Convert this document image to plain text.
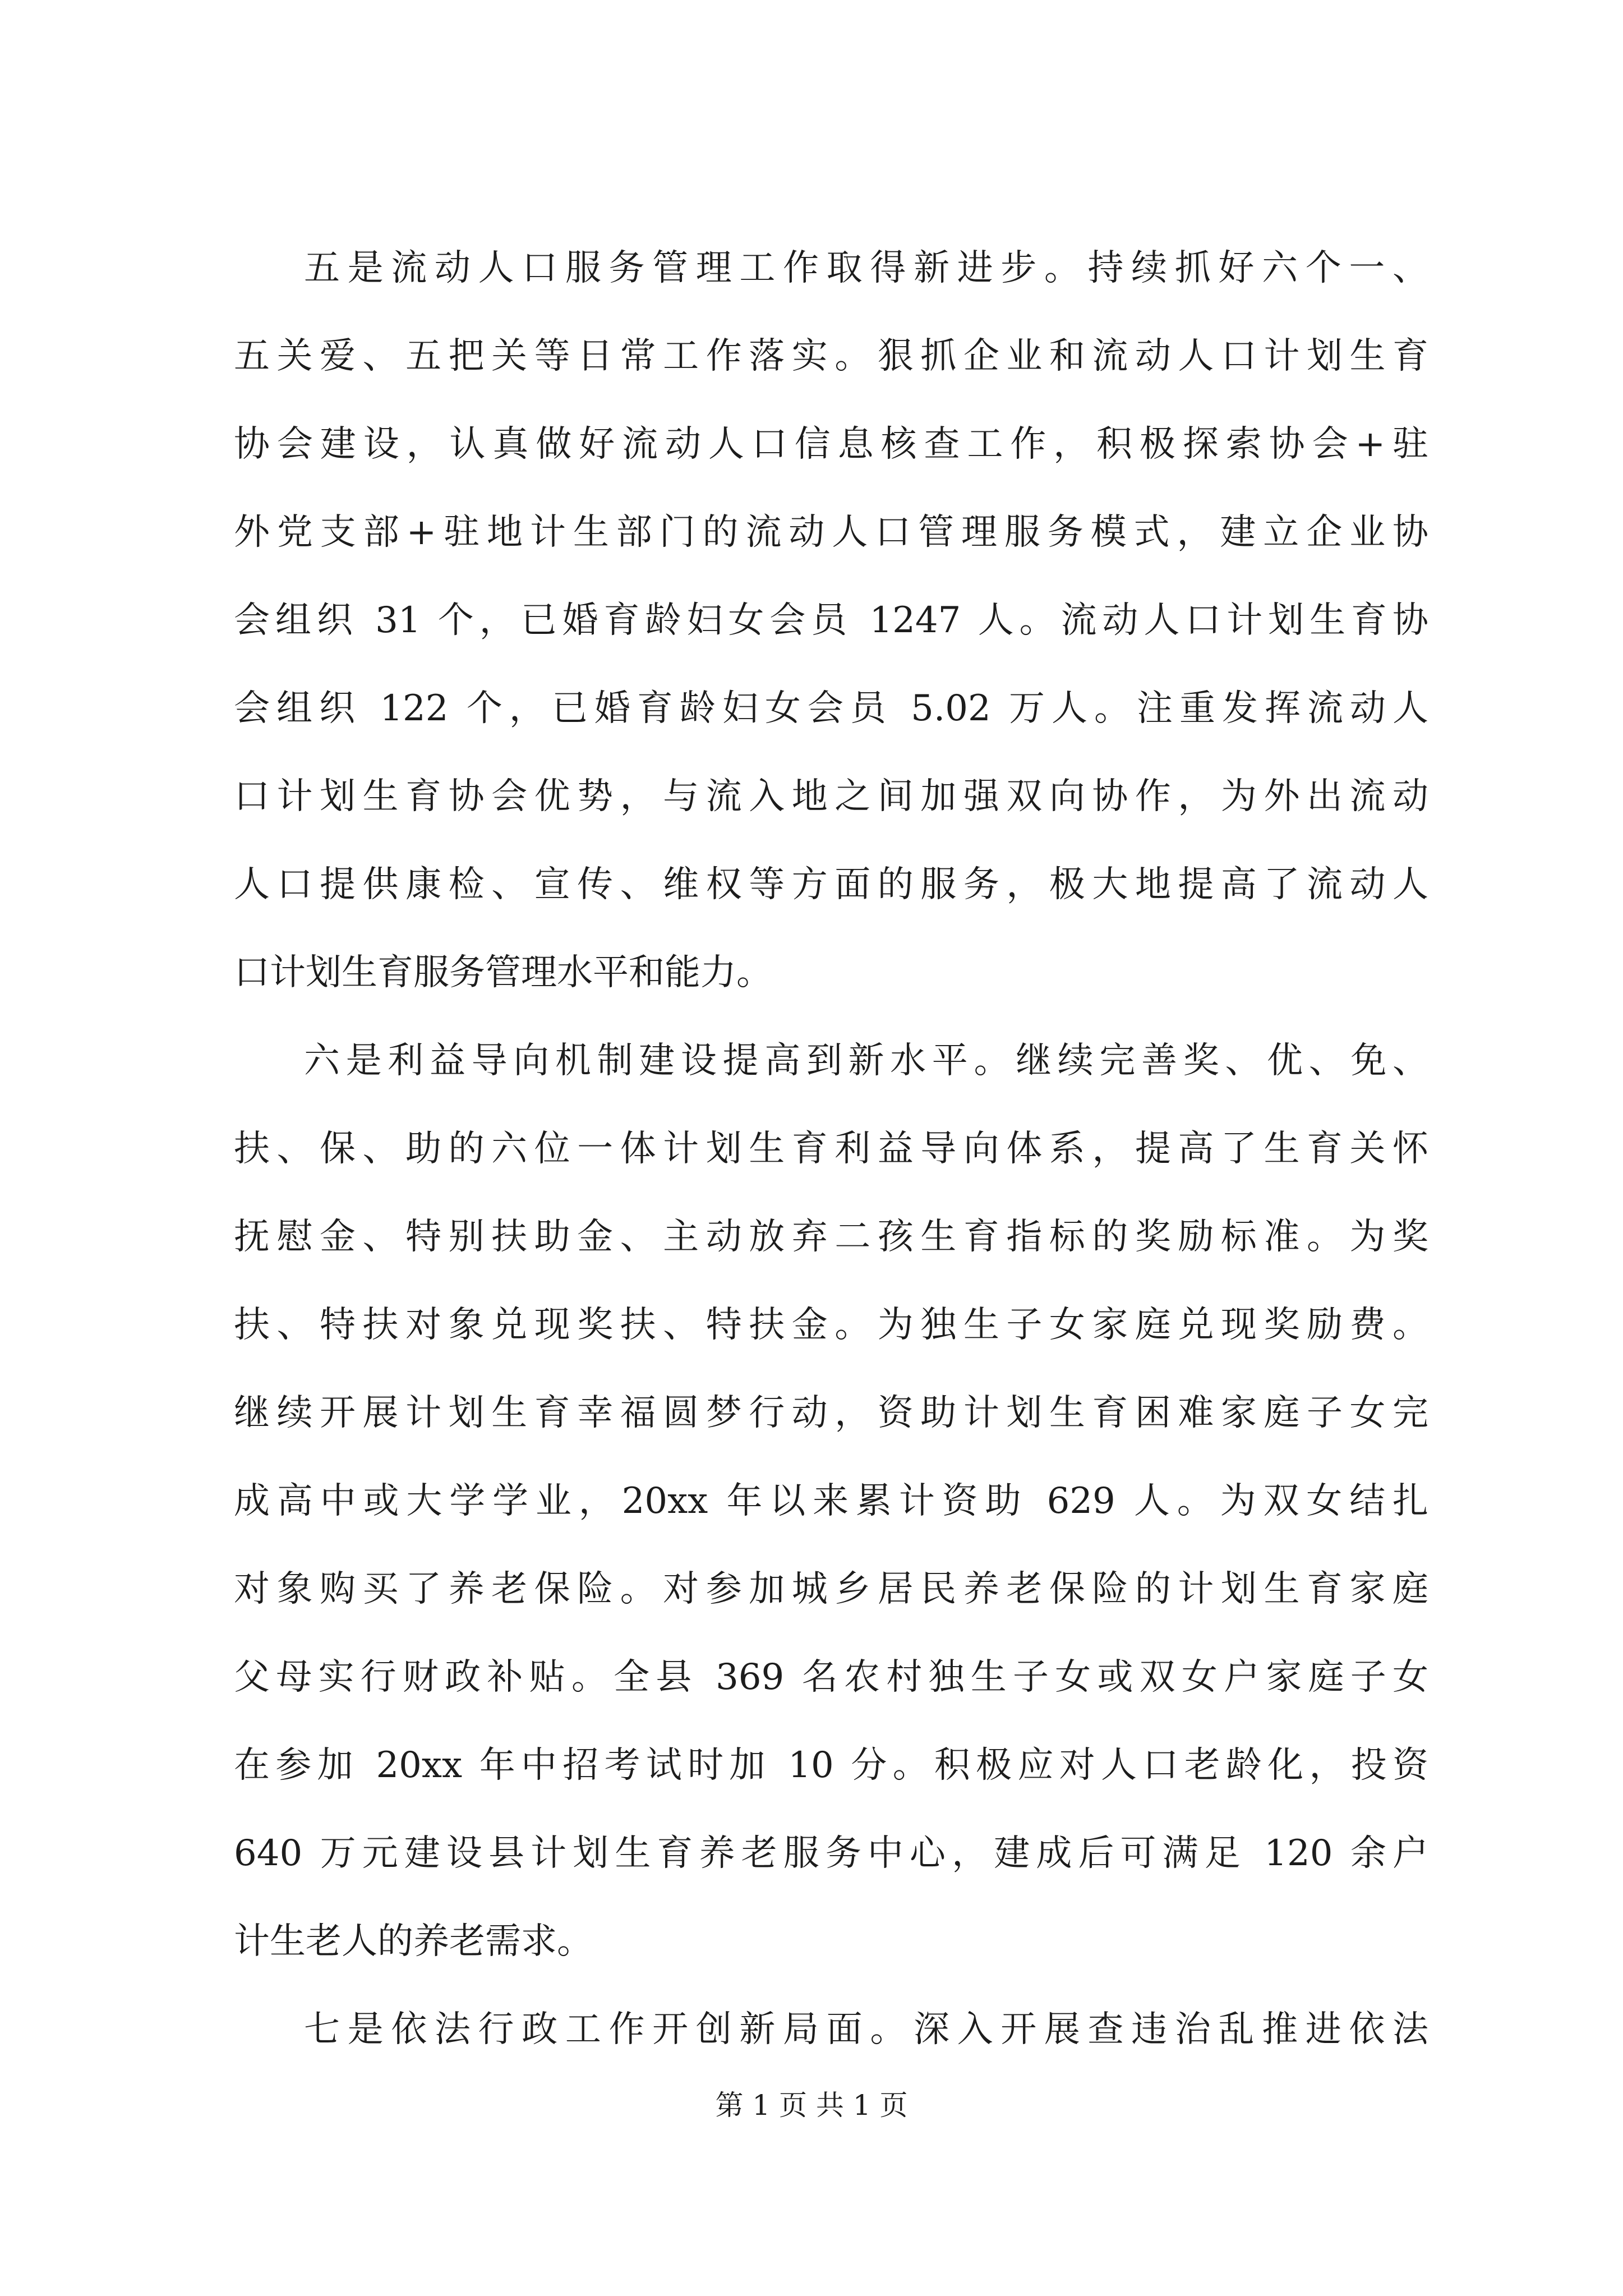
五是流动人口服务管理工作取得新进步。持续抓好六个一、
五关爱、五把关等日常工作落实。狠抓企业和流动人口计划生育
协会建设，认真做好流动人口信息核查工作，积极探索协会+驻
外党支部+驻地计生部门的流动人口管理服务模式，建立企业协
会组织 31 个，已婚育龄妇女会员 1247 人。流动人口计划生育协
会组织 122 个，已婚育龄妇女会员 5.02 万人。注重发挥流动人
口计划生育协会优势，与流入地之间加强双向协作，为外出流动
人口提供康检、宣传、维权等方面的服务，极大地提高了流动人
口计划生育服务管理水平和能力。
六是利益导向机制建设提高到新水平。继续完善奖、优、免、
扶、保、助的六位一体计划生育利益导向体系，提高了生育关怀
抚慰金、特别扶助金、主动放弃二孩生育指标的奖励标准。为奖
扶、特扶对象兑现奖扶、特扶金。为独生子女家庭兑现奖励费。
继续开展计划生育幸福圆梦行动，资助计划生育困难家庭子女完
成高中或大学学业，20xx 年以来累计资助 629 人。为双女结扎
对象购买了养老保险。对参加城乡居民养老保险的计划生育家庭
父母实行财政补贴。全县 369 名农村独生子女或双女户家庭子女
在参加 20xx 年中招考试时加 10 分。积极应对人口老龄化，投资
640 万元建设县计划生育养老服务中心，建成后可满足 120 余户
计生老人的养老需求。
七是依法行政工作开创新局面。深入开展查违治乱推进依法
第 1 页 共 1 页
